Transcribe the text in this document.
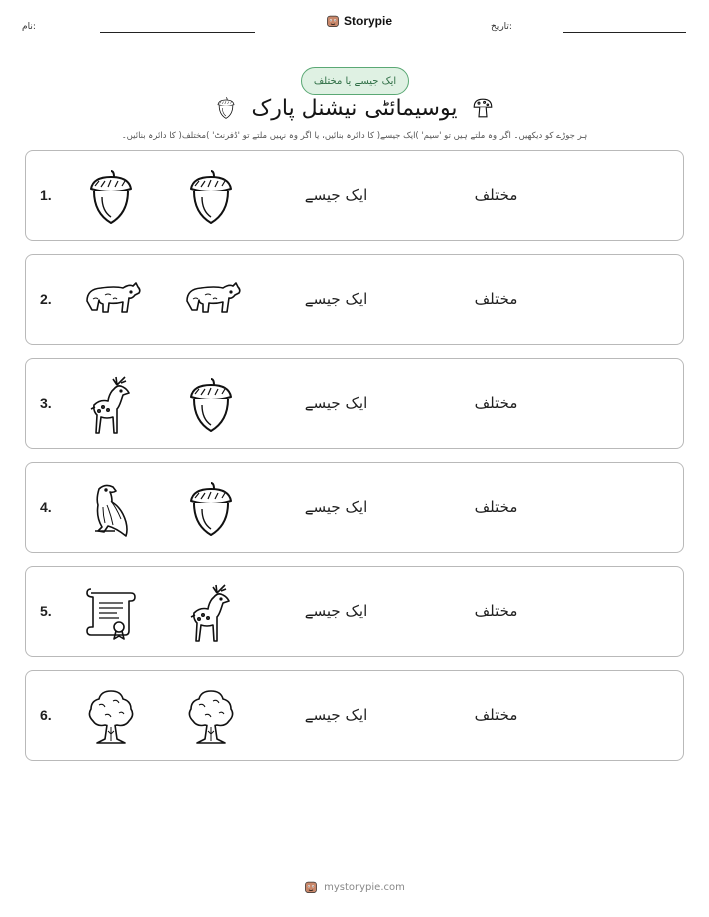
نام:	Storypie	تاریخ:
ایک جیسے یا مختلف
یوسیمائٹی نیشنل پارک
ہر جوڑے کو دیکھیں۔ اگر وہ ملتے ہیں تو 'سیم' )ایک جیسے( کا دائرہ بنائیں، یا اگر وہ نہیں ملتے تو 'ڈفرنٹ' )مختلف( کا دائرہ بنائیں۔
1.	ایک جیسے	مختلف
2.	ایک جیسے	مختلف
3.	ایک جیسے	مختلف
4.	ایک جیسے	مختلف
5.	ایک جیسے	مختلف
6.	ایک جیسے	مختلف
mystorypie.com
